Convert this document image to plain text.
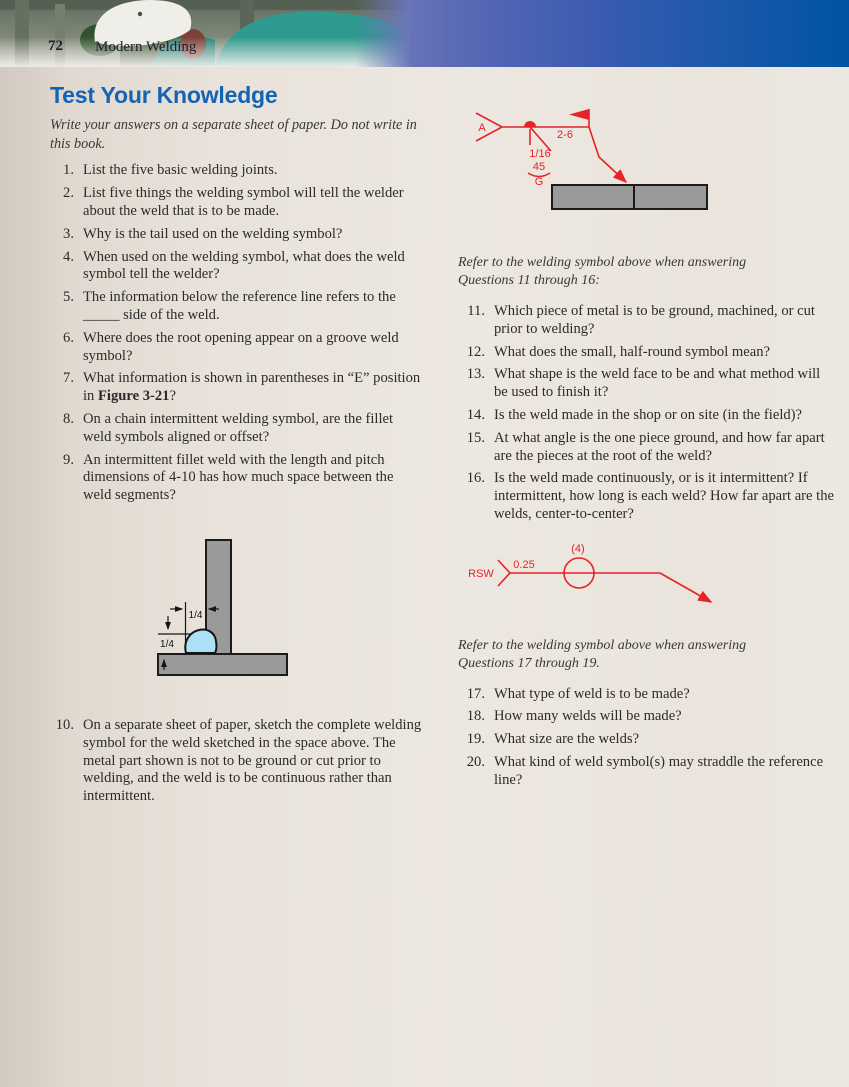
72 Modern Welding
Test Your Knowledge

Write your answers on a separate sheet of paper. Do not write in this book.

1. List the five basic welding joints.
2. List five things the welding symbol will tell the welder about the weld that is to be made.
3. Why is the tail used on the welding symbol?
4. When used on the welding symbol, what does the weld symbol tell the welder?
5. The information below the reference line refers to the _____ side of the weld.
6. Where does the root opening appear on a groove weld symbol?
7. What information is shown in parentheses in “E” position in Figure 3-21?
8. On a chain intermittent welding symbol, are the fillet weld symbols aligned or offset?
9. An intermittent fillet weld with the length and pitch dimensions of 4-10 has how much space between the weld segments?
1/4
1/4
10. On a separate sheet of paper, sketch the complete welding symbol for the weld sketched in the space above. The metal part shown is not to be ground or cut prior to welding, and the weld is to be continuous rather than intermittent.
A
1/16
45
G
2-6

Refer to the welding symbol above when answering Questions 11 through 16:

11. Which piece of metal is to be ground, machined, or cut prior to welding?
12. What does the small, half-round symbol mean?
13. What shape is the weld face to be and what method will be used to finish it?
14. Is the weld made in the shop or on site (in the field)?
15. At what angle is the one piece ground, and how far apart are the pieces at the root of the weld?
16. Is the weld made continuously, or is it intermittent? If intermittent, how long is each weld? How far apart are the welds, center-to-center?
RSW
0.25
(4)

Refer to the welding symbol above when answering Questions 17 through 19.

17. What type of weld is to be made?
18. How many welds will be made?
19. What size are the welds?
20. What kind of weld symbol(s) may straddle the reference line?
